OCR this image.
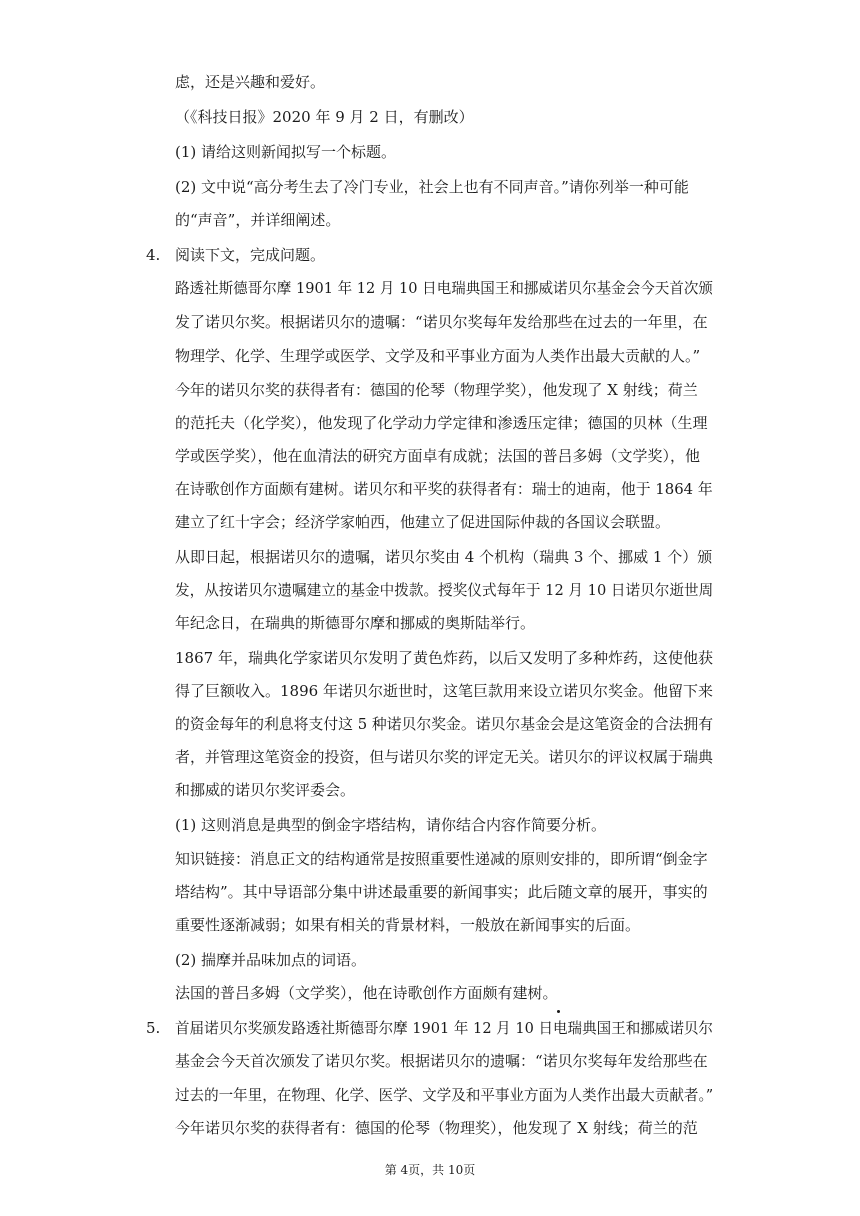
虑，还是兴趣和爱好。
（《科技日报》2020 年 9 月 2 日，有删改）
(1) 请给这则新闻拟写一个标题。
(2) 文中说“高分考生去了冷门专业，社会上也有不同声音。”请你列举一种可能
的“声音”，并详细阐述。
4. 阅读下文，完成问题。
路透社斯德哥尔摩 1901 年 12 月 10 日电瑞典国王和挪威诺贝尔基金会今天首次颁
发了诺贝尔奖。根据诺贝尔的遗嘱：“诺贝尔奖每年发给那些在过去的一年里，在
物理学、化学、生理学或医学、文学及和平事业方面为人类作出最大贡献的人。”
今年的诺贝尔奖的获得者有：德国的伦琴（物理学奖），他发现了 X 射线；荷兰
的范托夫（化学奖），他发现了化学动力学定律和渗透压定律；德国的贝林（生理
学或医学奖），他在血清法的研究方面卓有成就；法国的普吕多姆（文学奖），他
在诗歌创作方面颇有建树。诺贝尔和平奖的获得者有：瑞士的迪南，他于 1864 年
建立了红十字会；经济学家帕西，他建立了促进国际仲裁的各国议会联盟。
从即日起，根据诺贝尔的遗嘱，诺贝尔奖由 4 个机构（瑞典 3 个、挪威 1 个）颁
发，从按诺贝尔遗嘱建立的基金中拨款。授奖仪式每年于 12 月 10 日诺贝尔逝世周
年纪念日，在瑞典的斯德哥尔摩和挪威的奥斯陆举行。
1867 年，瑞典化学家诺贝尔发明了黄色炸药，以后又发明了多种炸药，这使他获
得了巨额收入。1896 年诺贝尔逝世时，这笔巨款用来设立诺贝尔奖金。他留下来
的资金每年的利息将支付这 5 种诺贝尔奖金。诺贝尔基金会是这笔资金的合法拥有
者，并管理这笔资金的投资，但与诺贝尔奖的评定无关。诺贝尔的评议权属于瑞典
和挪威的诺贝尔奖评委会。
(1) 这则消息是典型的倒金字塔结构，请你结合内容作简要分析。
知识链接：消息正文的结构通常是按照重要性递减的原则安排的，即所谓“倒金字
塔结构”。其中导语部分集中讲述最重要的新闻事实；此后随文章的展开，事实的
重要性逐渐减弱；如果有相关的背景材料，一般放在新闻事实的后面。
(2) 揣摩并品味加点的词语。
法国的普吕多姆（文学奖），他在诗歌创作方面颇有建树。
5. 首届诺贝尔奖颁发路透社斯德哥尔摩 1901 年 12 月 10 日电瑞典国王和挪威诺贝尔
基金会今天首次颁发了诺贝尔奖。根据诺贝尔的遗嘱：“诺贝尔奖每年发给那些在
过去的一年里，在物理、化学、医学、文学及和平事业方面为人类作出最大贡献者。”
今年诺贝尔奖的获得者有：德国的伦琴（物理奖），他发现了 X 射线；荷兰的范
第 4页，共 10页
